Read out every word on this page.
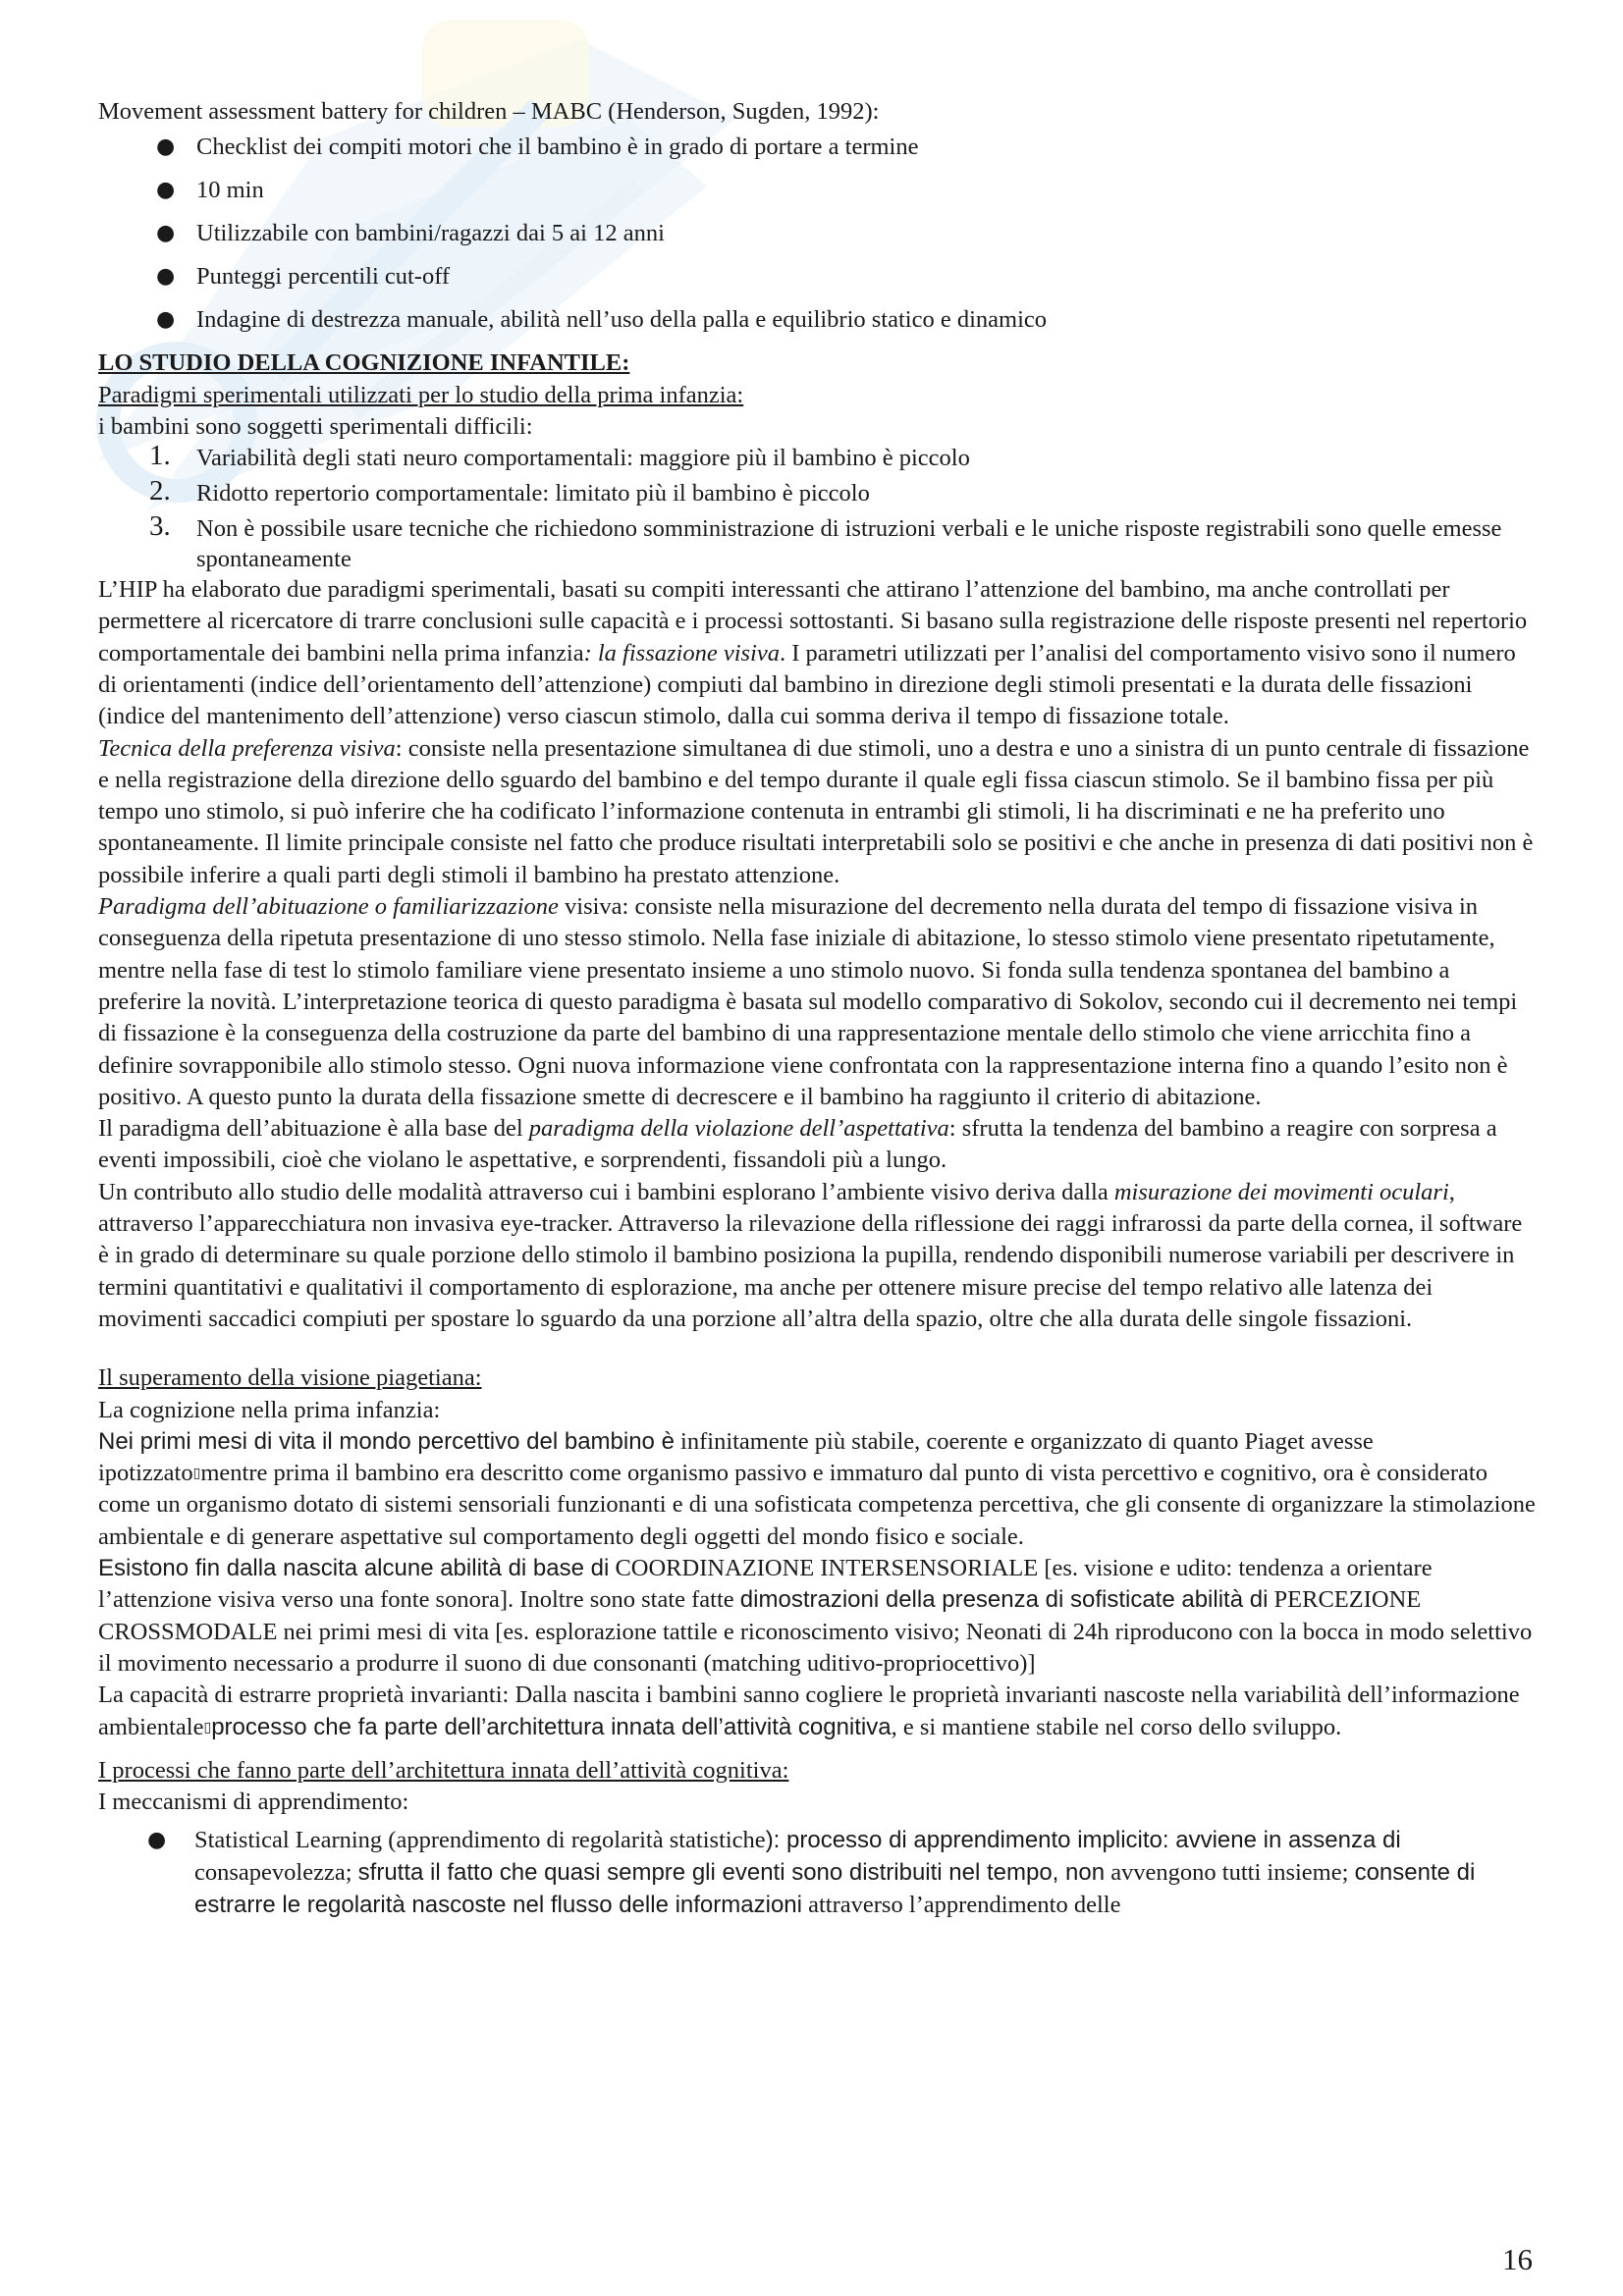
Movement assessment battery for children – MABC (Henderson, Sugden, 1992):

● Checklist dei compiti motori che il bambino è in grado di portare a termine
● 10 min
● Utilizzabile con bambini/ragazzi dai 5 ai 12 anni
● Punteggi percentili cut-off
● Indagine di destrezza manuale, abilità nell’uso della palla e equilibrio statico e dinamico

LO STUDIO DELLA COGNIZIONE INFANTILE:

Paradigmi sperimentali utilizzati per lo studio della prima infanzia:

i bambini sono soggetti sperimentali difficili:

1. Variabilità degli stati neuro comportamentali: maggiore più il bambino è piccolo
2. Ridotto repertorio comportamentale: limitato più il bambino è piccolo
3. Non è possibile usare tecniche che richiedono somministrazione di istruzioni verbali e le uniche risposte registrabili sono quelle emesse spontaneamente

L’HIP ha elaborato due paradigmi sperimentali, basati su compiti interessanti che attirano l’attenzione del bambino, ma anche controllati per permettere al ricercatore di trarre conclusioni sulle capacità e i processi sottostanti. Si basano sulla registrazione delle risposte presenti nel repertorio comportamentale dei bambini nella prima infanzia: la fissazione visiva. I parametri utilizzati per l’analisi del comportamento visivo sono il numero di orientamenti (indice dell’orientamento dell’attenzione) compiuti dal bambino in direzione degli stimoli presentati e la durata delle fissazioni (indice del mantenimento dell’attenzione) verso ciascun stimolo, dalla cui somma deriva il tempo di fissazione totale.

Tecnica della preferenza visiva: consiste nella presentazione simultanea di due stimoli, uno a destra e uno a sinistra di un punto centrale di fissazione e nella registrazione della direzione dello sguardo del bambino e del tempo durante il quale egli fissa ciascun stimolo. Se il bambino fissa per più tempo uno stimolo, si può inferire che ha codificato l’informazione contenuta in entrambi gli stimoli, li ha discriminati e ne ha preferito uno spontaneamente. Il limite principale consiste nel fatto che produce risultati interpretabili solo se positivi e che anche in presenza di dati positivi non è possibile inferire a quali parti degli stimoli il bambino ha prestato attenzione.

Paradigma dell’abituazione o familiarizzazione visiva: consiste nella misurazione del decremento nella durata del tempo di fissazione visiva in conseguenza della ripetuta presentazione di uno stesso stimolo. Nella fase iniziale di abitazione, lo stesso stimolo viene presentato ripetutamente, mentre nella fase di test lo stimolo familiare viene presentato insieme a uno stimolo nuovo. Si fonda sulla tendenza spontanea del bambino a preferire la novità. L’interpretazione teorica di questo paradigma è basata sul modello comparativo di Sokolov, secondo cui il decremento nei tempi di fissazione è la conseguenza della costruzione da parte del bambino di una rappresentazione mentale dello stimolo che viene arricchita fino a definire sovrapponibile allo stimolo stesso. Ogni nuova informazione viene confrontata con la rappresentazione interna fino a quando l’esito non è positivo. A questo punto la durata della fissazione smette di decrescere e il bambino ha raggiunto il criterio di abitazione.

Il paradigma dell’abituazione è alla base del paradigma della violazione dell’aspettativa: sfrutta la tendenza del bambino a reagire con sorpresa a eventi impossibili, cioè che violano le aspettative, e sorprendenti, fissandoli più a lungo.

Un contributo allo studio delle modalità attraverso cui i bambini esplorano l’ambiente visivo deriva dalla misurazione dei movimenti oculari, attraverso l’apparecchiatura non invasiva eye-tracker. Attraverso la rilevazione della riflessione dei raggi infrarossi da parte della cornea, il software è in grado di determinare su quale porzione dello stimolo il bambino posiziona la pupilla, rendendo disponibili numerose variabili per descrivere in termini quantitativi e qualitativi il comportamento di esplorazione, ma anche per ottenere misure precise del tempo relativo alle latenza dei movimenti saccadici compiuti per spostare lo sguardo da una porzione all’altra della spazio, oltre che alla durata delle singole fissazioni.

Il superamento della visione piagetiana:

La cognizione nella prima infanzia:

Nei primi mesi di vita il mondo percettivo del bambino è infinitamente più stabile, coerente e organizzato di quanto Piaget avesse ipotizzato▯mentre prima il bambino era descritto come organismo passivo e immaturo dal punto di vista percettivo e cognitivo, ora è considerato come un organismo dotato di sistemi sensoriali funzionanti e di una sofisticata competenza percettiva, che gli consente di organizzare la stimolazione ambientale e di generare aspettative sul comportamento degli oggetti del mondo fisico e sociale.

Esistono fin dalla nascita alcune abilità di base di COORDINAZIONE INTERSENSORIALE [es. visione e udito: tendenza a orientare l’attenzione visiva verso una fonte sonora]. Inoltre sono state fatte dimostrazioni della presenza di sofisticate abilità di PERCEZIONE CROSSMODALE nei primi mesi di vita [es. esplorazione tattile e riconoscimento visivo; Neonati di 24h riproducono con la bocca in modo selettivo il movimento necessario a produrre il suono di due consonanti (matching uditivo-propriocettivo)]

La capacità di estrarre proprietà invarianti: Dalla nascita i bambini sanno cogliere le proprietà invarianti nascoste nella variabilità dell’informazione ambientale▯processo che fa parte dell’architettura innata dell’attività cognitiva, e si mantiene stabile nel corso dello sviluppo.

I processi che fanno parte dell’architettura innata dell’attività cognitiva:

I meccanismi di apprendimento:

● Statistical Learning (apprendimento di regolarità statistiche): processo di apprendimento implicito: avviene in assenza di consapevolezza; sfrutta il fatto che quasi sempre gli eventi sono distribuiti nel tempo, non avvengono tutti insieme; consente di estrarre le regolarità nascoste nel flusso delle informazioni attraverso l’apprendimento delle
16
